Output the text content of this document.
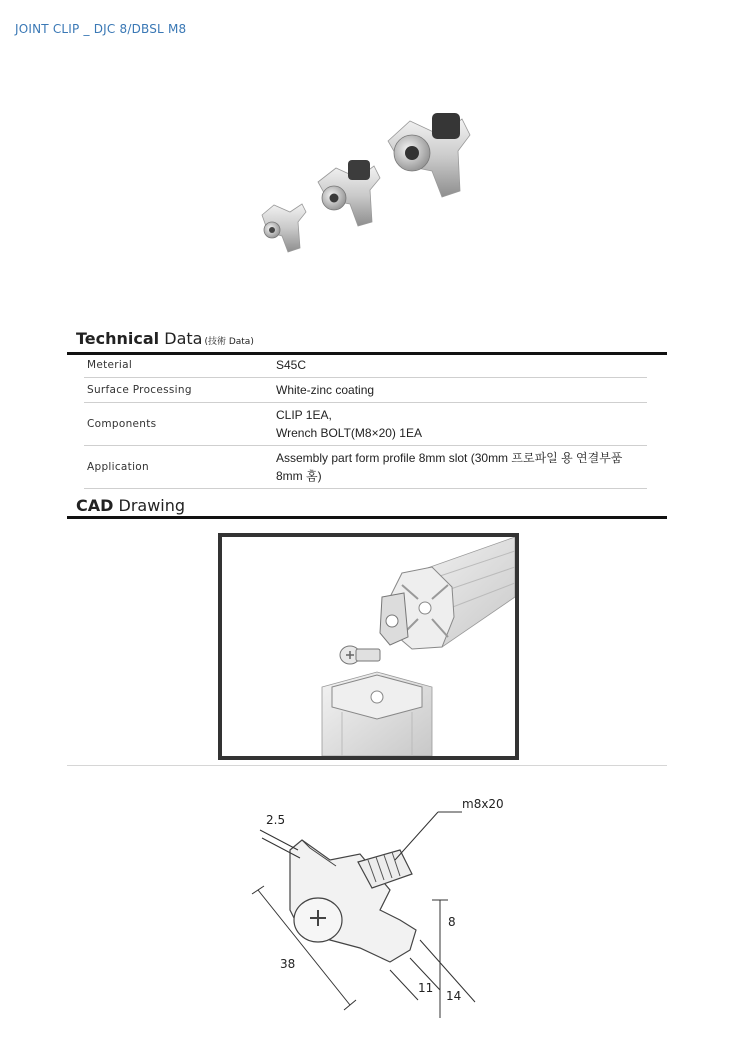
JOINT CLIP _ DJC 8/DBSL M8
Technical Data (技術 Data)
Meterial	S45C
Surface Processing	White-zinc coating
Components	CLIP 1EA,
Wrench BOLT(M8×20) 1EA

Application	Assembly part form profile 8mm slot (30mm 프로파일 용 연결부품
8mm 홈)
CAD Drawing
m8x20
2.5
38
8
11
14
